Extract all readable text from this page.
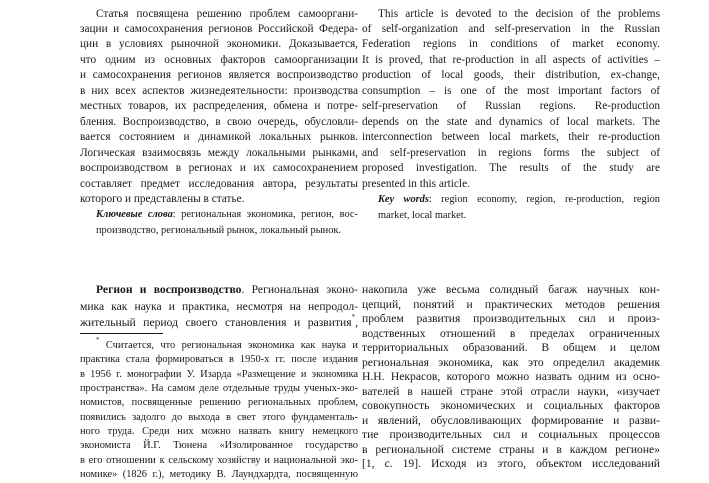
Статья посвящена решению проблем самооргани-
зации и самосохранения регионов Российской Федера-
ции в условиях рыночной экономики. Доказывается,
что одним из основных факторов самоорганизации
и самосохранения регионов является воспроизводство
в них всех аспектов жизнедеятельности: производства
местных товаров, их распределения, обмена и потре-
бления. Воспроизводство, в свою очередь, обусловли-
вается состоянием и динамикой локальных рынков.
Логическая взаимосвязь между локальными рынками,
воспроизводством в регионах и их самосохранением
составляет предмет исследования автора, результаты
которого и представлены в статье.
Ключевые слова: региональная экономика, регион, вос-
производство, региональный рынок, локальный рынок.
This article is devoted to the decision of the problems
of self-organization and self-preservation in the Russian
Federation regions in conditions of market economy.
It is proved, that re-production in all aspects of activities –
production of local goods, their distribution, ex-change,
consumption – is one of the most important factors of
self-preservation of Russian regions. Re-production
depends on the state and dynamics of local markets. The
interconnection between local markets, their re-production
and self-preservation in regions forms the subject of
proposed investigation. The results of the study are
presented in this article.
Key words: region economy, region, re-production, region
market, local market.
Регион и воспроизводство. Региональная эконо-
мика как наука и практика, несмотря на непродол-
жительный период своего становления и развития*,
* Считается, что региональная экономика как наука и
практика стала формироваться в 1950-х гг. после издания
в 1956 г. монографии У. Изарда «Размещение и экономика
пространства». На самом деле отдельные труды ученых-эко-
номистов, посвященные решению региональных проблем,
появились задолго до выхода в свет этого фундаменталь-
ного труда. Среди них можно назвать книгу немецкого
экономиста Й.Г. Тюнена «Изолированное государство
в его отношении к сельскому хозяйству и национальной эко-
номике» (1826 г.), методику В. Лаундхардта, посвященную
накопила уже весьма солидный багаж научных кон-
цепций, понятий и практических методов решения
проблем развития производительных сил и произ-
водственных отношений в пределах ограниченных
территориальных образований. В общем и целом
региональная экономика, как это определил академик
Н.Н. Некрасов, которого можно назвать одним из осно-
вателей в нашей стране этой отрасли науки, «изучает
совокупность экономических и социальных факторов
и явлений, обусловливающих формирование и разви-
тие производительных сил и социальных процессов
в региональной системе страны и в каждом регионе»
[1, с. 19]. Исходя из этого, объектом исследований
